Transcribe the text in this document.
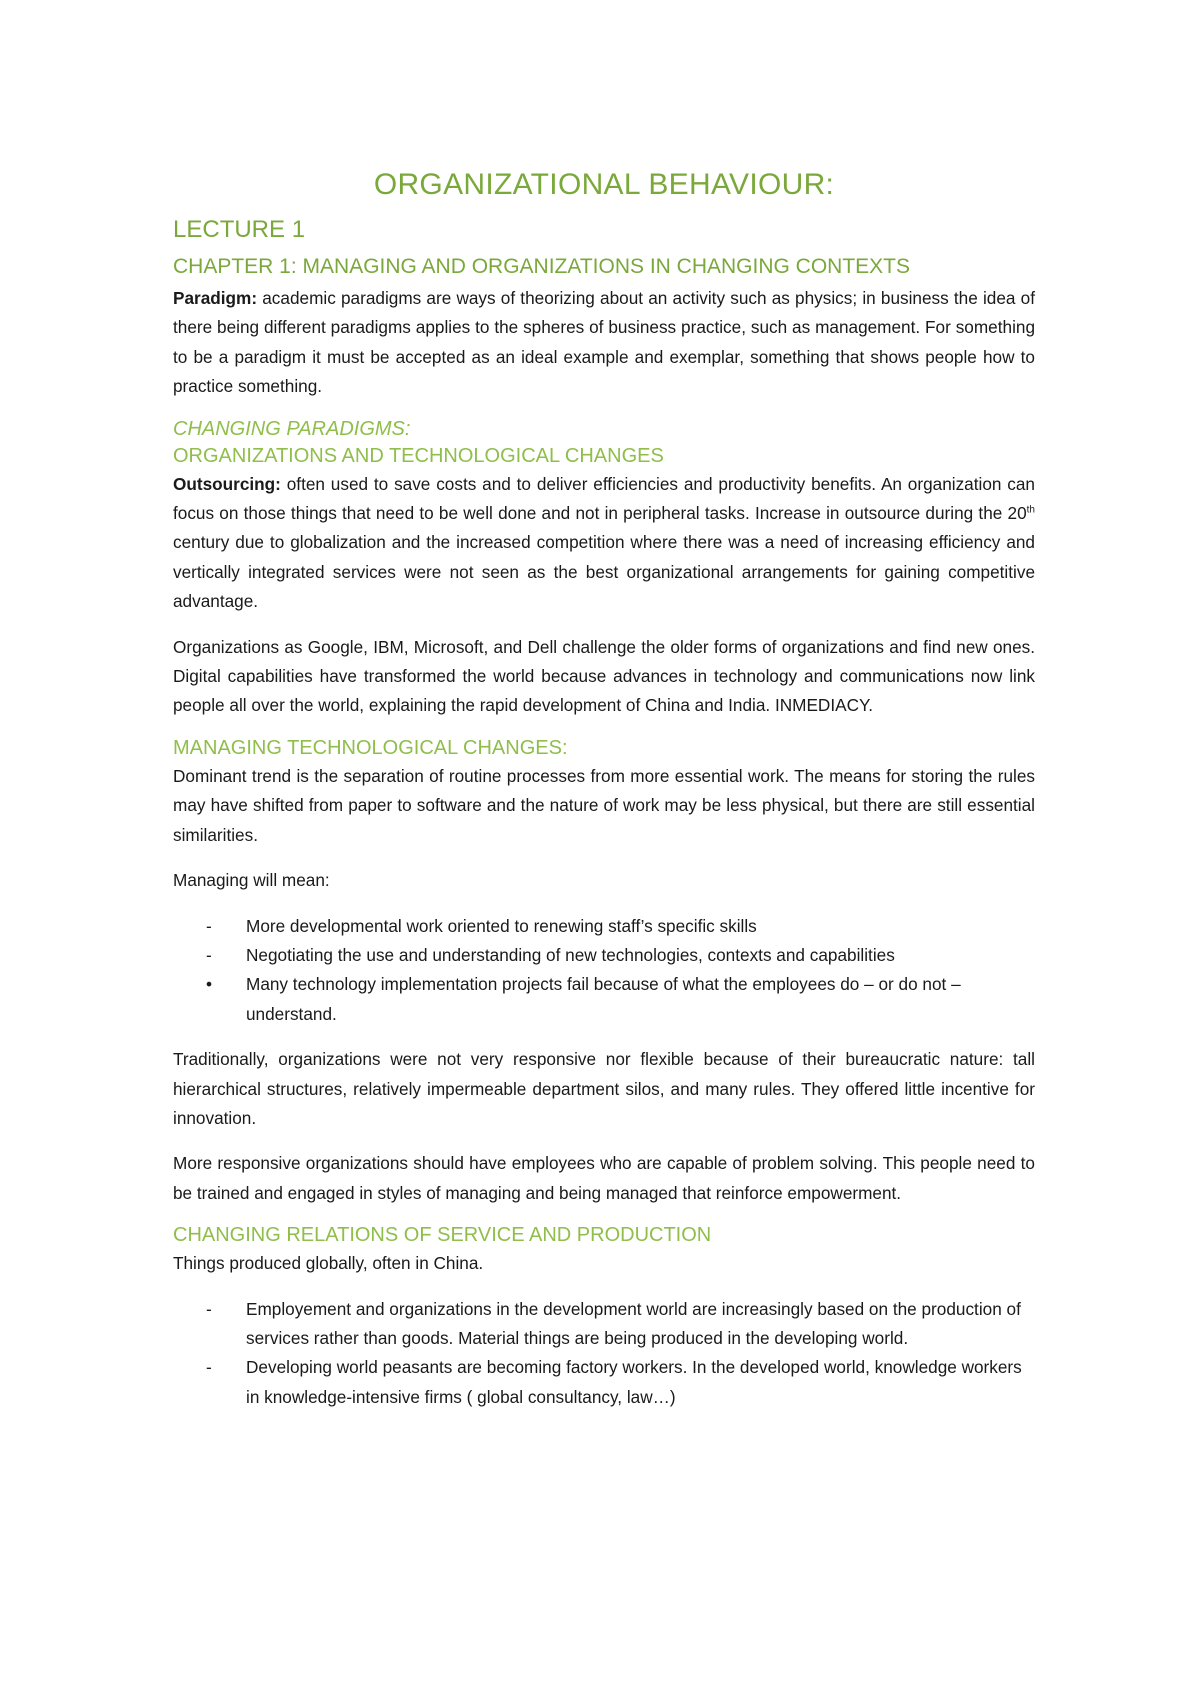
ORGANIZATIONAL BEHAVIOUR:
LECTURE 1
CHAPTER 1: MANAGING AND ORGANIZATIONS IN CHANGING CONTEXTS

Paradigm: academic paradigms are ways of theorizing about an activity such as physics; in business the idea of there being different paradigms applies to the spheres of business practice, such as management. For something to be a paradigm it must be accepted as an ideal example and exemplar, something that shows people how to practice something.

CHANGING PARADIGMS:
ORGANIZATIONS AND TECHNOLOGICAL CHANGES

Outsourcing: often used to save costs and to deliver efficiencies and productivity benefits. An organization can focus on those things that need to be well done and not in peripheral tasks. Increase in outsource during the 20th century due to globalization and the increased competition where there was a need of increasing efficiency and vertically integrated services were not seen as the best organizational arrangements for gaining competitive advantage.

Organizations as Google, IBM, Microsoft, and Dell challenge the older forms of organizations and find new ones. Digital capabilities have transformed the world because advances in technology and communications now link people all over the world, explaining the rapid development of China and India. INMEDIACY.

MANAGING TECHNOLOGICAL CHANGES:

Dominant trend is the separation of routine processes from more essential work. The means for storing the rules may have shifted from paper to software and the nature of work may be less physical, but there are still essential similarities.

Managing will mean:

- More developmental work oriented to renewing staff’s specific skills
- Negotiating the use and understanding of new technologies, contexts and capabilities
• Many technology implementation projects fail because of what the employees do – or do not – understand.

Traditionally, organizations were not very responsive nor flexible because of their bureaucratic nature: tall hierarchical structures, relatively impermeable department silos, and many rules. They offered little incentive for innovation.

More responsive organizations should have employees who are capable of problem solving. This people need to be trained and engaged in styles of managing and being managed that reinforce empowerment.

CHANGING RELATIONS OF SERVICE AND PRODUCTION

Things produced globally, often in China.

- Employement and organizations in the development world are increasingly based on the production of services rather than goods. Material things are being produced in the developing world.
- Developing world peasants are becoming factory workers. In the developed world, knowledge workers in knowledge-intensive firms ( global consultancy, law…)
